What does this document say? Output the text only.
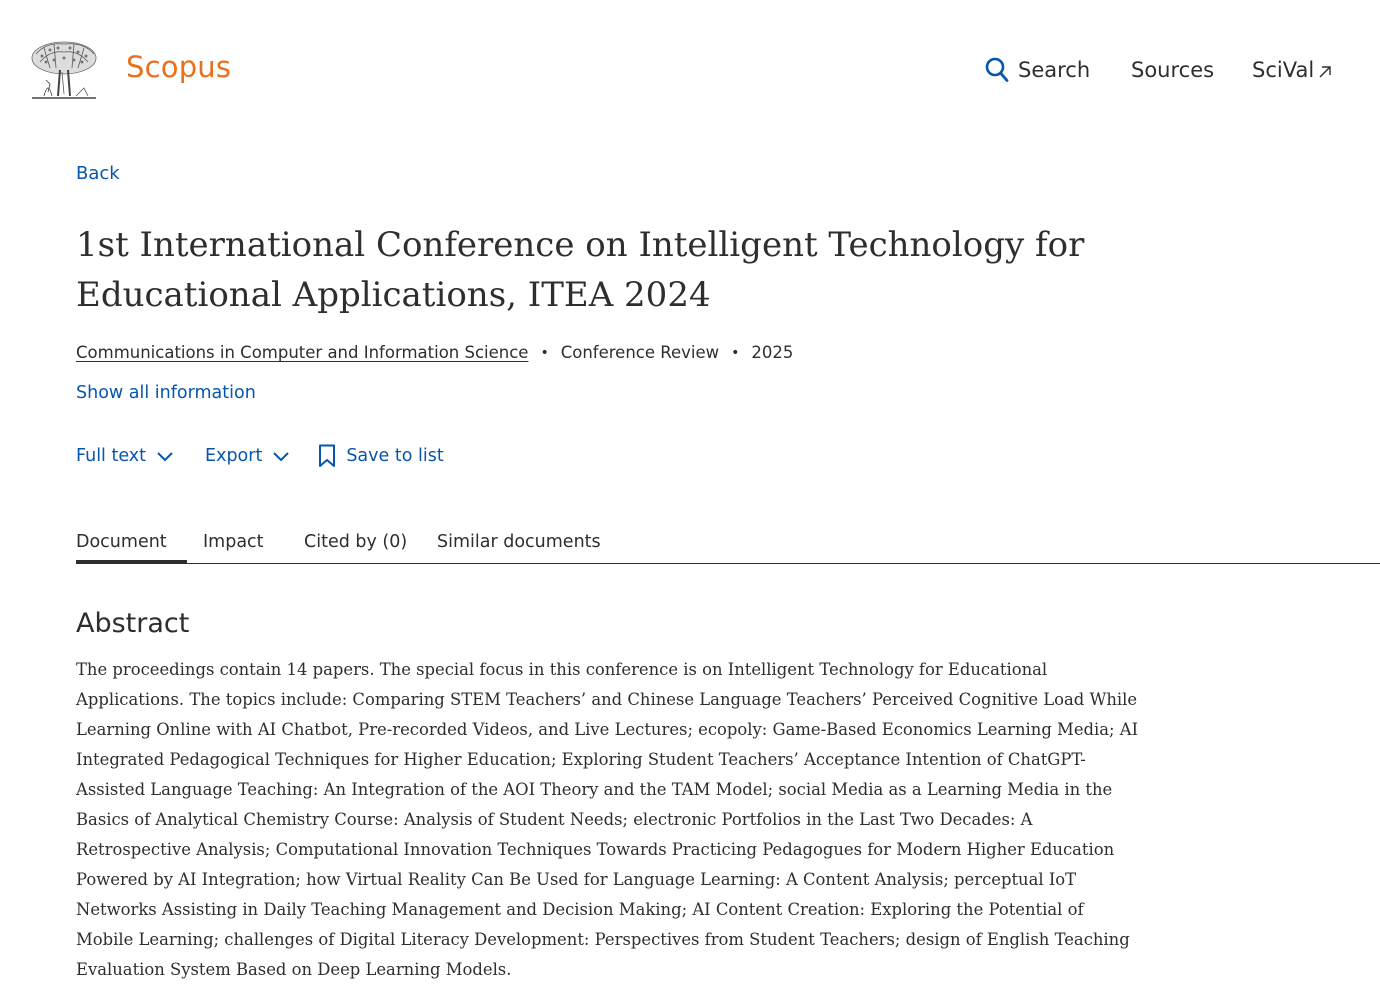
Scopus	Search Sources SciVal
Back
1st International Conference on Intelligent Technology for Educational Applications, ITEA 2024
Communications in Computer and Information Science • Conference Review • 2025
Show all information
Full text	Export	Save to list
Document	Impact Cited by (0) Similar documents
Abstract

The proceedings contain 14 papers. The special focus in this conference is on Intelligent Technology for Educational Applications. The topics include: Comparing STEM Teachers’ and Chinese Language Teachers’ Perceived Cognitive Load While Learning Online with AI Chatbot, Pre-recorded Videos, and Live Lectures; ecopoly: Game-Based Economics Learning Media; AI Integrated Pedagogical Techniques for Higher Education; Exploring Student Teachers’ Acceptance Intention of ChatGPT-Assisted Language Teaching: An Integration of the AOI Theory and the TAM Model; social Media as a Learning Media in the Basics of Analytical Chemistry Course: Analysis of Student Needs; electronic Portfolios in the Last Two Decades: A Retrospective Analysis; Computational Innovation Techniques Towards Practicing Pedagogues for Modern Higher Education Powered by AI Integration; how Virtual Reality Can Be Used for Language Learning: A Content Analysis; perceptual IoT Networks Assisting in Daily Teaching Management and Decision Making; AI Content Creation: Exploring the Potential of Mobile Learning; challenges of Digital Literacy Development: Perspectives from Student Teachers; design of English Teaching Evaluation System Based on Deep Learning Models.
